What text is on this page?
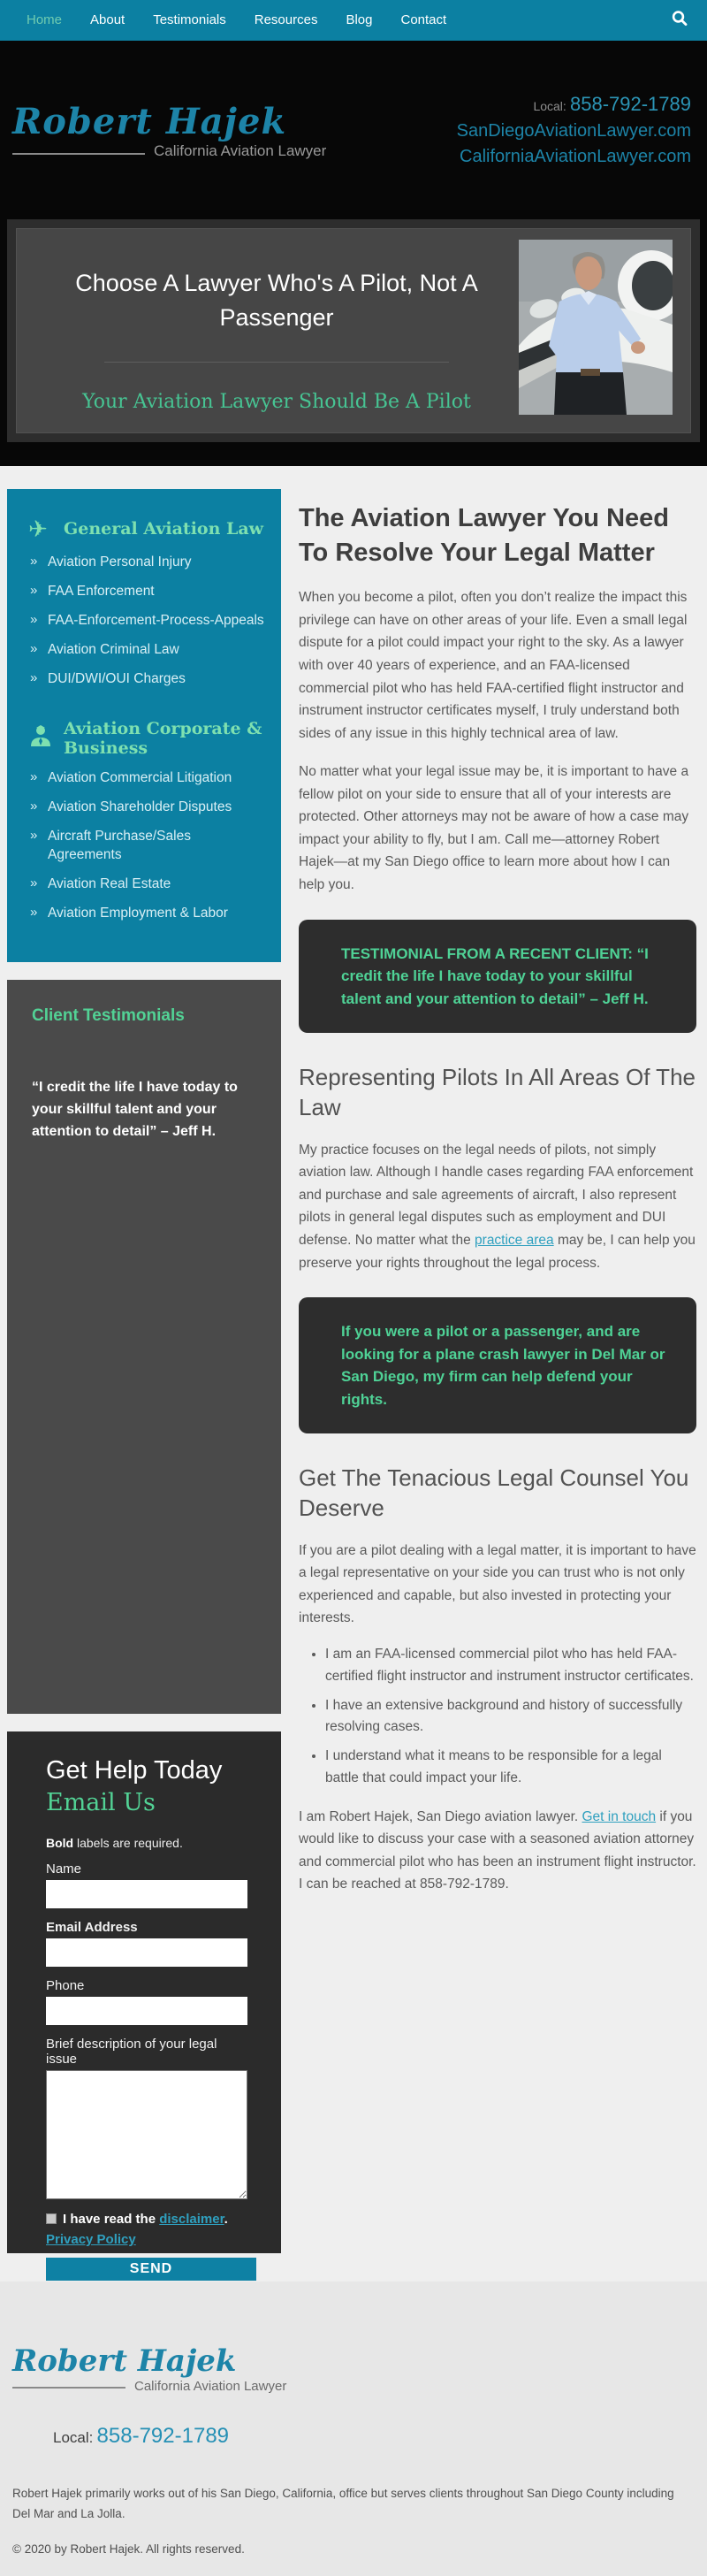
Home	About	Testimonials	Resources	Blog	Contact
Robert Hajek
California Aviation Lawyer
Local: 858-792-1789
SanDiegoAviationLawyer.com
CaliforniaAviationLawyer.com
Choose A Lawyer Who's A Pilot, Not A Passenger
Your Aviation Lawyer Should Be A Pilot
✈ General Aviation Law
» Aviation Personal Injury
» FAA Enforcement
» FAA-Enforcement-Process-Appeals
» Aviation Criminal Law
» DUI/DWI/OUI Charges
Aviation Corporate & Business
» Aviation Commercial Litigation
» Aviation Shareholder Disputes
» Aircraft Purchase/Sales Agreements
» Aviation Real Estate
» Aviation Employment & Labor
Client Testimonials
“I credit the life I have today to your skillful talent and your attention to detail” – Jeff H.
Get Help Today
Email Us
Bold labels are required.
Name
Email Address
Phone
Brief description of your legal issue
I have read the disclaimer.
Privacy Policy
SEND
The Aviation Lawyer You Need To Resolve Your Legal Matter

When you become a pilot, often you don’t realize the impact this privilege can have on other areas of your life. Even a small legal dispute for a pilot could impact your right to the sky. As a lawyer with over 40 years of experience, and an FAA-licensed commercial pilot who has held FAA-certified flight instructor and instrument instructor certificates myself, I truly understand both sides of any issue in this highly technical area of law.

No matter what your legal issue may be, it is important to have a fellow pilot on your side to ensure that all of your interests are protected. Other attorneys may not be aware of how a case may impact your ability to fly, but I am. Call me—attorney Robert Hajek—at my San Diego office to learn more about how I can help you.

TESTIMONIAL FROM A RECENT CLIENT: “I credit the life I have today to your skillful talent and your attention to detail” – Jeff H.
Representing Pilots In All Areas Of The Law

My practice focuses on the legal needs of pilots, not simply aviation law. Although I handle cases regarding FAA enforcement and purchase and sale agreements of aircraft, I also represent pilots in general legal disputes such as employment and DUI defense. No matter what the practice area may be, I can help you preserve your rights throughout the legal process.

If you were a pilot or a passenger, and are looking for a plane crash lawyer in Del Mar or San Diego, my firm can help defend your rights.
Get The Tenacious Legal Counsel You Deserve

If you are a pilot dealing with a legal matter, it is important to have a legal representative on your side you can trust who is not only experienced and capable, but also invested in protecting your interests.

• I am an FAA-licensed commercial pilot who has held FAA-certified flight instructor and instrument instructor certificates.
• I have an extensive background and history of successfully resolving cases.
• I understand what it means to be responsible for a legal battle that could impact your life.

I am Robert Hajek, San Diego aviation lawyer. Get in touch if you would like to discuss your case with a seasoned aviation attorney and commercial pilot who has been an instrument flight instructor. I can be reached at 858-792-1789.

Robert Hajek
California Aviation Lawyer
Local: 858-792-1789
Robert Hajek primarily works out of his San Diego, California, office but serves clients throughout San Diego County including Del Mar and La Jolla.
© 2020 by Robert Hajek. All rights reserved.
